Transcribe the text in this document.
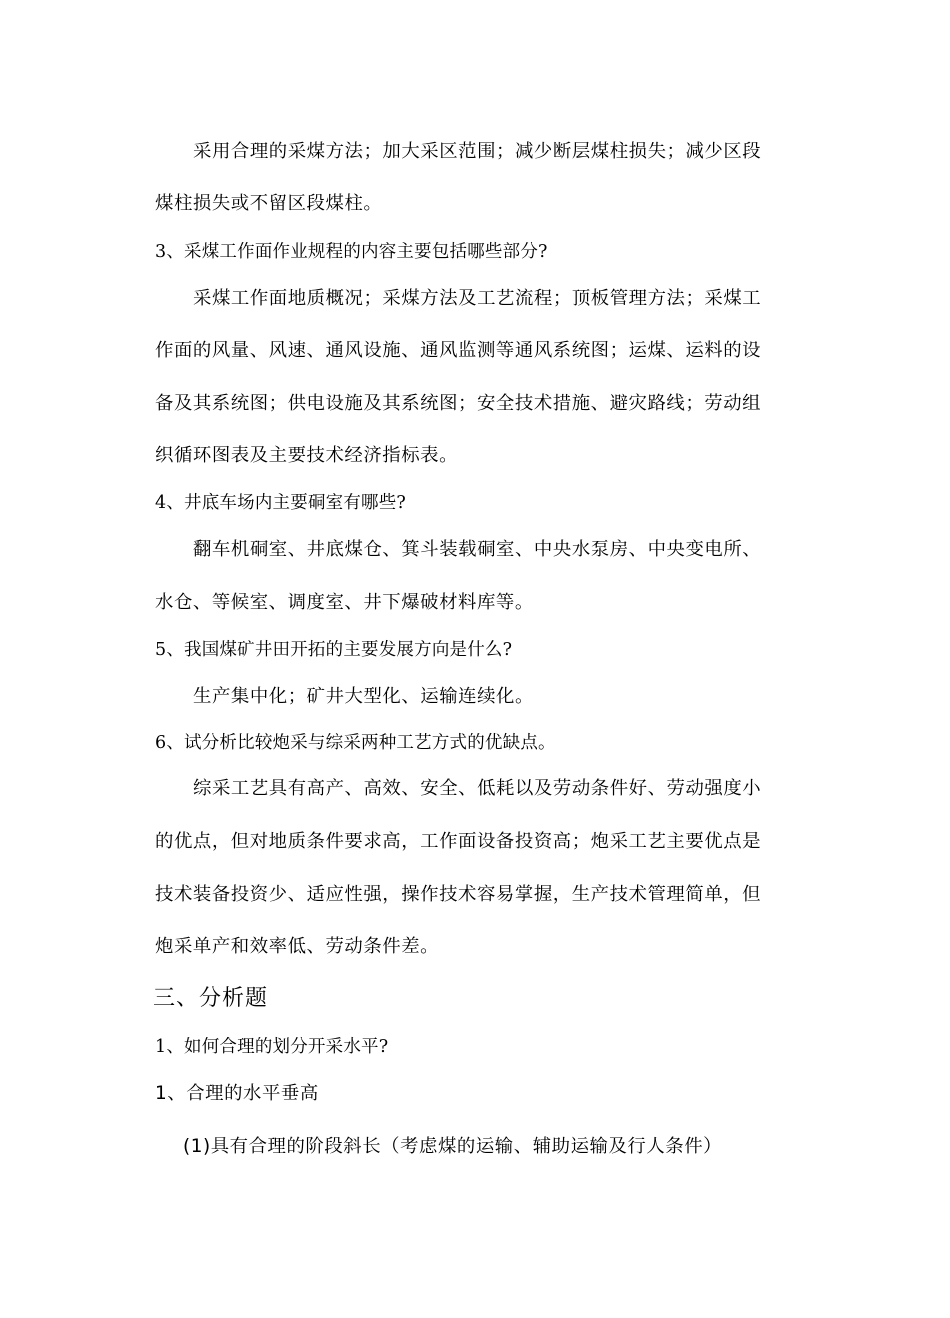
采用合理的采煤方法；加大采区范围；减少断层煤柱损失；减少区段

煤柱损失或不留区段煤柱。

3、采煤工作面作业规程的内容主要包括哪些部分?

采煤工作面地质概况；采煤方法及工艺流程；顶板管理方法；采煤工

作面的风量、风速、通风设施、通风监测等通风系统图；运煤、运料的设

备及其系统图；供电设施及其系统图；安全技术措施、避灾路线；劳动组

织循环图表及主要技术经济指标表。

4、井底车场内主要硐室有哪些?

翻车机硐室、井底煤仓、箕斗装载硐室、中央水泵房、中央变电所、

水仓、等候室、调度室、井下爆破材料库等。

5、我国煤矿井田开拓的主要发展方向是什么?

生产集中化；矿井大型化、运输连续化。

6、试分析比较炮采与综采两种工艺方式的优缺点。

综采工艺具有高产、高效、安全、低耗以及劳动条件好、劳动强度小

的优点，但对地质条件要求高，工作面设备投资高；炮采工艺主要优点是

技术装备投资少、适应性强，操作技术容易掌握，生产技术管理简单，但

炮采单产和效率低、劳动条件差。

三、分析题

1、如何合理的划分开采水平?

1、合理的水平垂高

(1)具有合理的阶段斜长（考虑煤的运输、辅助运输及行人条件）
